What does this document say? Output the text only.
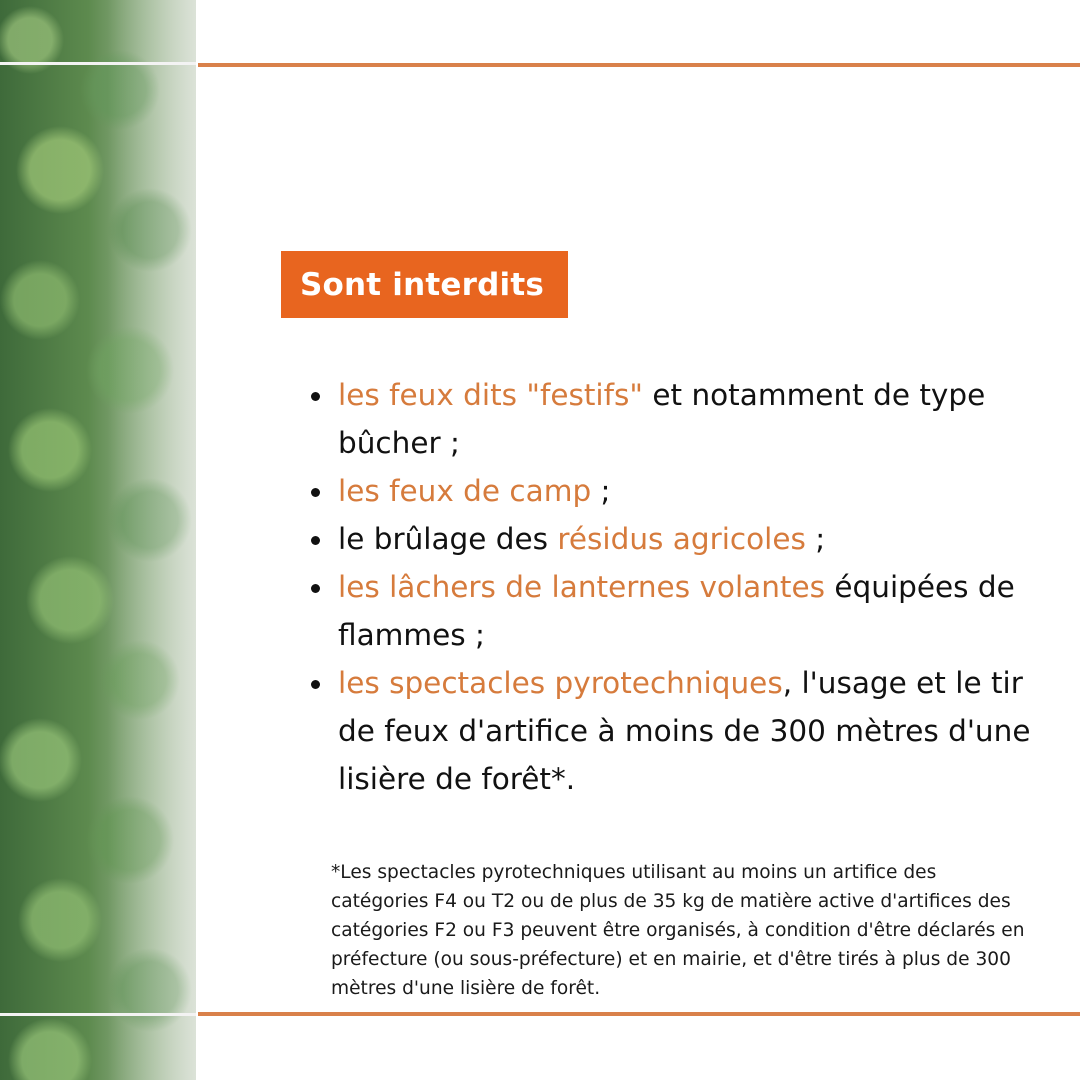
Sont interdits
les feux dits "festifs" et notamment de type bûcher ;
les feux de camp ;
le brûlage des résidus agricoles ;
les lâchers de lanternes volantes équipées de flammes ;
les spectacles pyrotechniques, l'usage et le tir de feux d'artifice à moins de 300 mètres d'une lisière de forêt*.

*Les spectacles pyrotechniques utilisant au moins un artifice des catégories F4 ou T2 ou de plus de 35 kg de matière active d'artifices des catégories F2 ou F3 peuvent être organisés, à condition d'être déclarés en préfecture (ou sous-préfecture) et en mairie, et d'être tirés à plus de 300 mètres d'une lisière de forêt.
